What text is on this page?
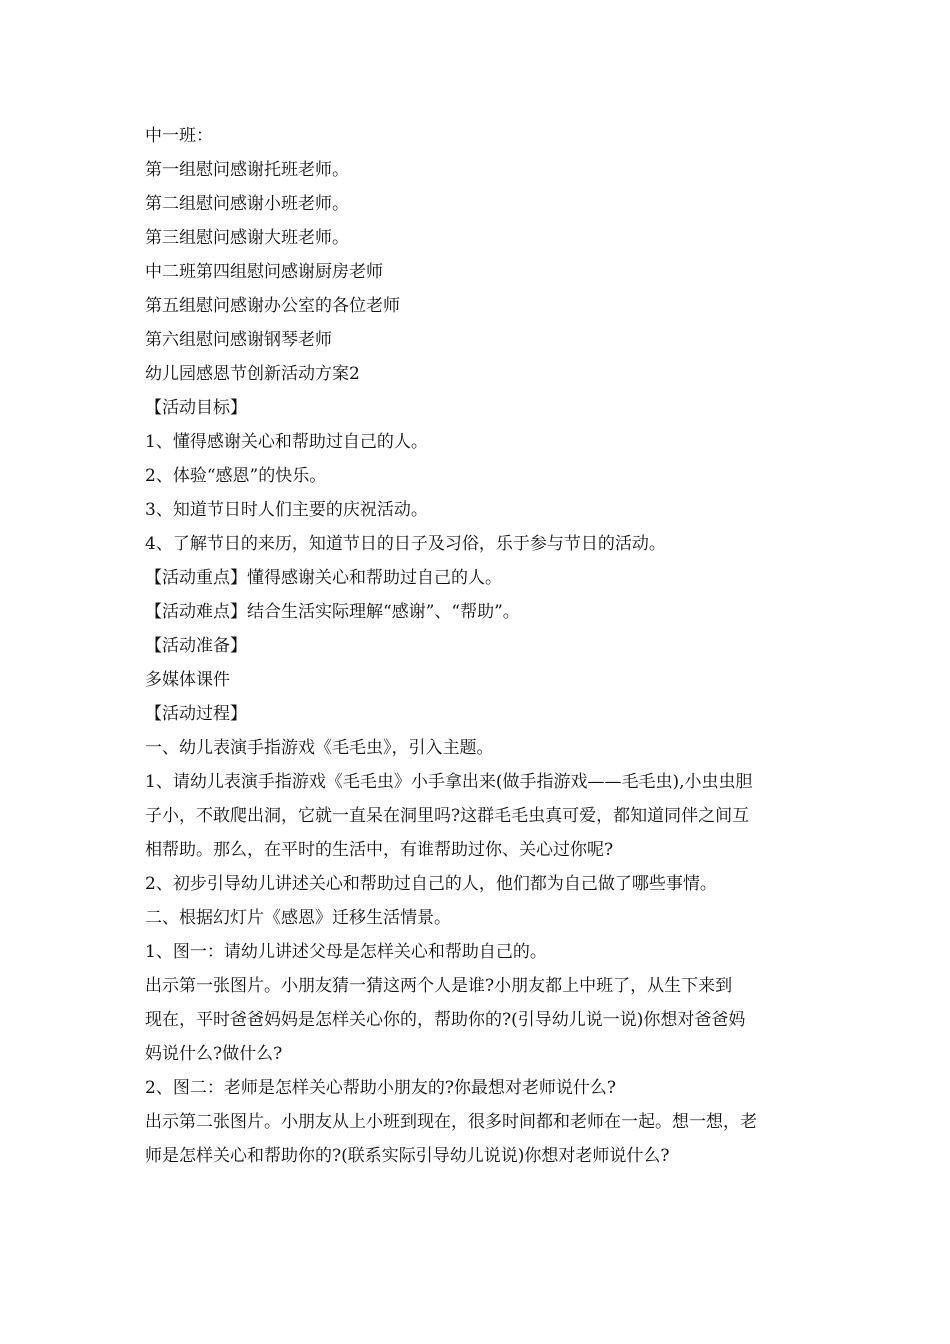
中一班：

第一组慰问感谢托班老师。

第二组慰问感谢小班老师。

第三组慰问感谢大班老师。

中二班第四组慰问感谢厨房老师

第五组慰问感谢办公室的各位老师

第六组慰问感谢钢琴老师

幼儿园感恩节创新活动方案2

【活动目标】

1、懂得感谢关心和帮助过自己的人。

2、体验“感恩”的快乐。

3、知道节日时人们主要的庆祝活动。

4、了解节日的来历，知道节日的日子及习俗，乐于参与节日的活动。

【活动重点】懂得感谢关心和帮助过自己的人。

【活动难点】结合生活实际理解“感谢”、“帮助”。

【活动准备】

多媒体课件

【活动过程】

一、幼儿表演手指游戏《毛毛虫》，引入主题。

1、请幼儿表演手指游戏《毛毛虫》小手拿出来(做手指游戏——毛毛虫),小虫虫胆

子小，不敢爬出洞，它就一直呆在洞里吗?这群毛毛虫真可爱，都知道同伴之间互

相帮助。那么，在平时的生活中，有谁帮助过你、关心过你呢?

2、初步引导幼儿讲述关心和帮助过自己的人，他们都为自己做了哪些事情。

二、根据幻灯片《感恩》迁移生活情景。

1、图一：请幼儿讲述父母是怎样关心和帮助自己的。

出示第一张图片。小朋友猜一猜这两个人是谁?小朋友都上中班了，从生下来到

现在，平时爸爸妈妈是怎样关心你的，帮助你的?(引导幼儿说一说)你想对爸爸妈

妈说什么?做什么?

2、图二：老师是怎样关心帮助小朋友的?你最想对老师说什么?

出示第二张图片。小朋友从上小班到现在，很多时间都和老师在一起。想一想，老

师是怎样关心和帮助你的?(联系实际引导幼儿说说)你想对老师说什么?
